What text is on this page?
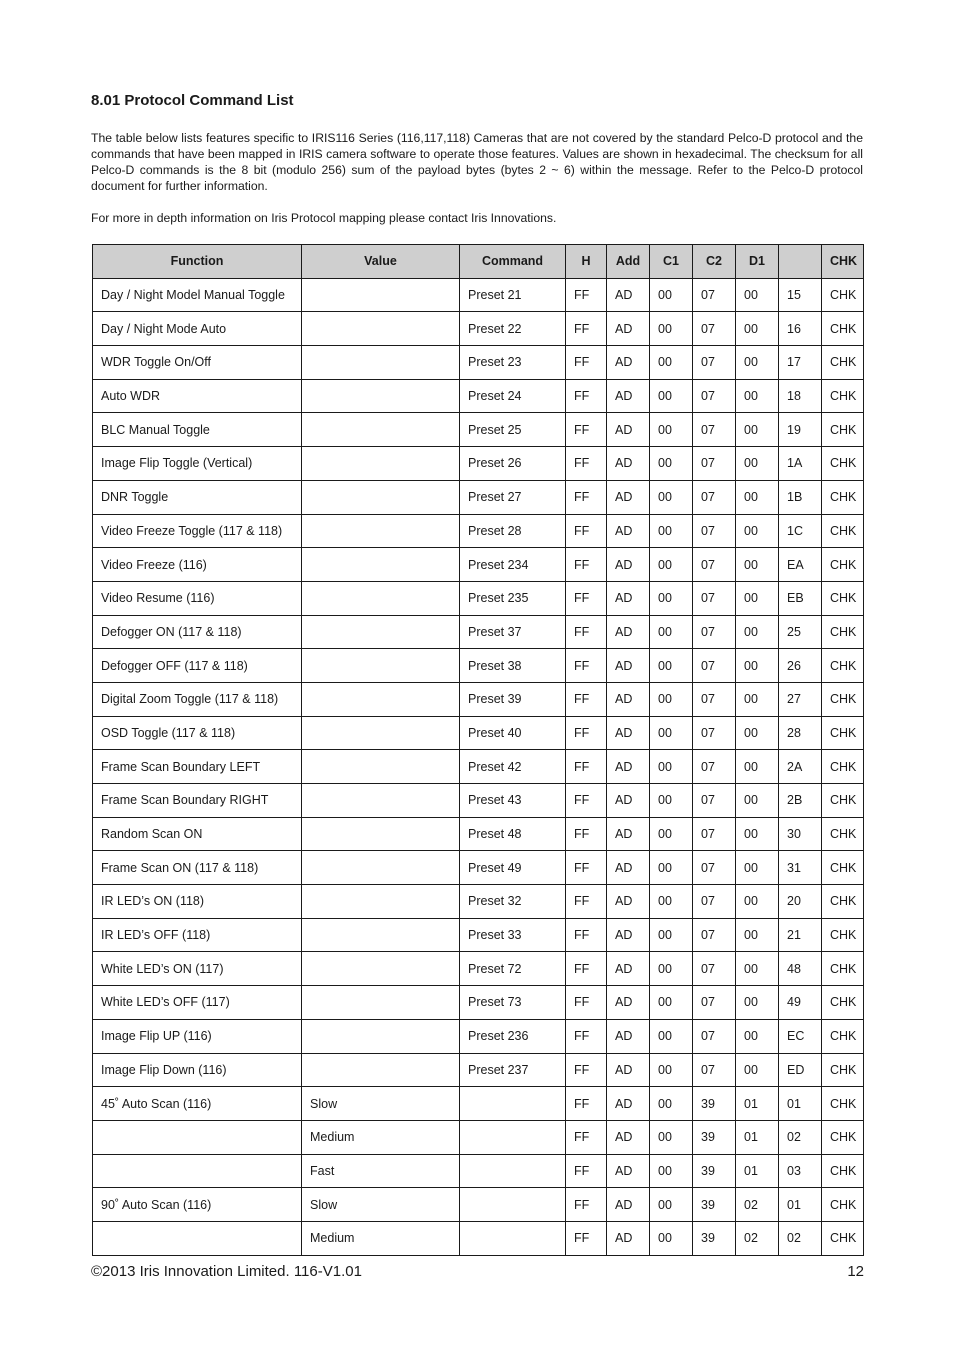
8.01 Protocol Command List

The table below lists features specific to IRIS116 Series (116,117,118) Cameras that are not covered by the standard Pelco-D protocol and the commands that have been mapped in IRIS camera software to operate those features. Values are shown in hexadecimal. The checksum for all Pelco-D commands is the 8 bit (modulo 256) sum of the payload bytes (bytes 2 ~ 6) within the message. Refer to the Pelco-D protocol document for further information.

For more in depth information on Iris Protocol mapping please contact Iris Innovations.

Function	Value	Command	H	Add	C1	C2	D1		CHK
Day / Night Model Manual Toggle		Preset 21	FF	AD	00	07	00	15	CHK
Day / Night Mode Auto		Preset 22	FF	AD	00	07	00	16	CHK
WDR Toggle On/Off		Preset 23	FF	AD	00	07	00	17	CHK
Auto WDR		Preset 24	FF	AD	00	07	00	18	CHK
BLC Manual Toggle		Preset 25	FF	AD	00	07	00	19	CHK
Image Flip Toggle (Vertical)		Preset 26	FF	AD	00	07	00	1A	CHK
DNR Toggle		Preset 27	FF	AD	00	07	00	1B	CHK
Video Freeze Toggle (117 & 118)		Preset 28	FF	AD	00	07	00	1C	CHK
Video Freeze (116)		Preset 234	FF	AD	00	07	00	EA	CHK
Video Resume (116)		Preset 235	FF	AD	00	07	00	EB	CHK
Defogger ON (117 & 118)		Preset 37	FF	AD	00	07	00	25	CHK
Defogger OFF (117 & 118)		Preset 38	FF	AD	00	07	00	26	CHK
Digital Zoom Toggle (117 & 118)		Preset 39	FF	AD	00	07	00	27	CHK
OSD Toggle (117 & 118)		Preset 40	FF	AD	00	07	00	28	CHK
Frame Scan Boundary LEFT		Preset 42	FF	AD	00	07	00	2A	CHK
Frame Scan Boundary RIGHT		Preset 43	FF	AD	00	07	00	2B	CHK
Random Scan ON		Preset 48	FF	AD	00	07	00	30	CHK
Frame Scan ON (117 & 118)		Preset 49	FF	AD	00	07	00	31	CHK
IR LED’s ON (118)		Preset 32	FF	AD	00	07	00	20	CHK
IR LED’s OFF (118)		Preset 33	FF	AD	00	07	00	21	CHK
White LED’s ON (117)		Preset 72	FF	AD	00	07	00	48	CHK
White LED’s OFF (117)		Preset 73	FF	AD	00	07	00	49	CHK
Image Flip UP (116)		Preset 236	FF	AD	00	07	00	EC	CHK
Image Flip Down (116)		Preset 237	FF	AD	00	07	00	ED	CHK
45˚ Auto Scan (116)	Slow		FF	AD	00	39	01	01	CHK
	Medium		FF	AD	00	39	01	02	CHK
	Fast		FF	AD	00	39	01	03	CHK
90˚ Auto Scan (116)	Slow		FF	AD	00	39	02	01	CHK
	Medium		FF	AD	00	39	02	02	CHK
©2013 Iris Innovation Limited. 116-V1.01	12
